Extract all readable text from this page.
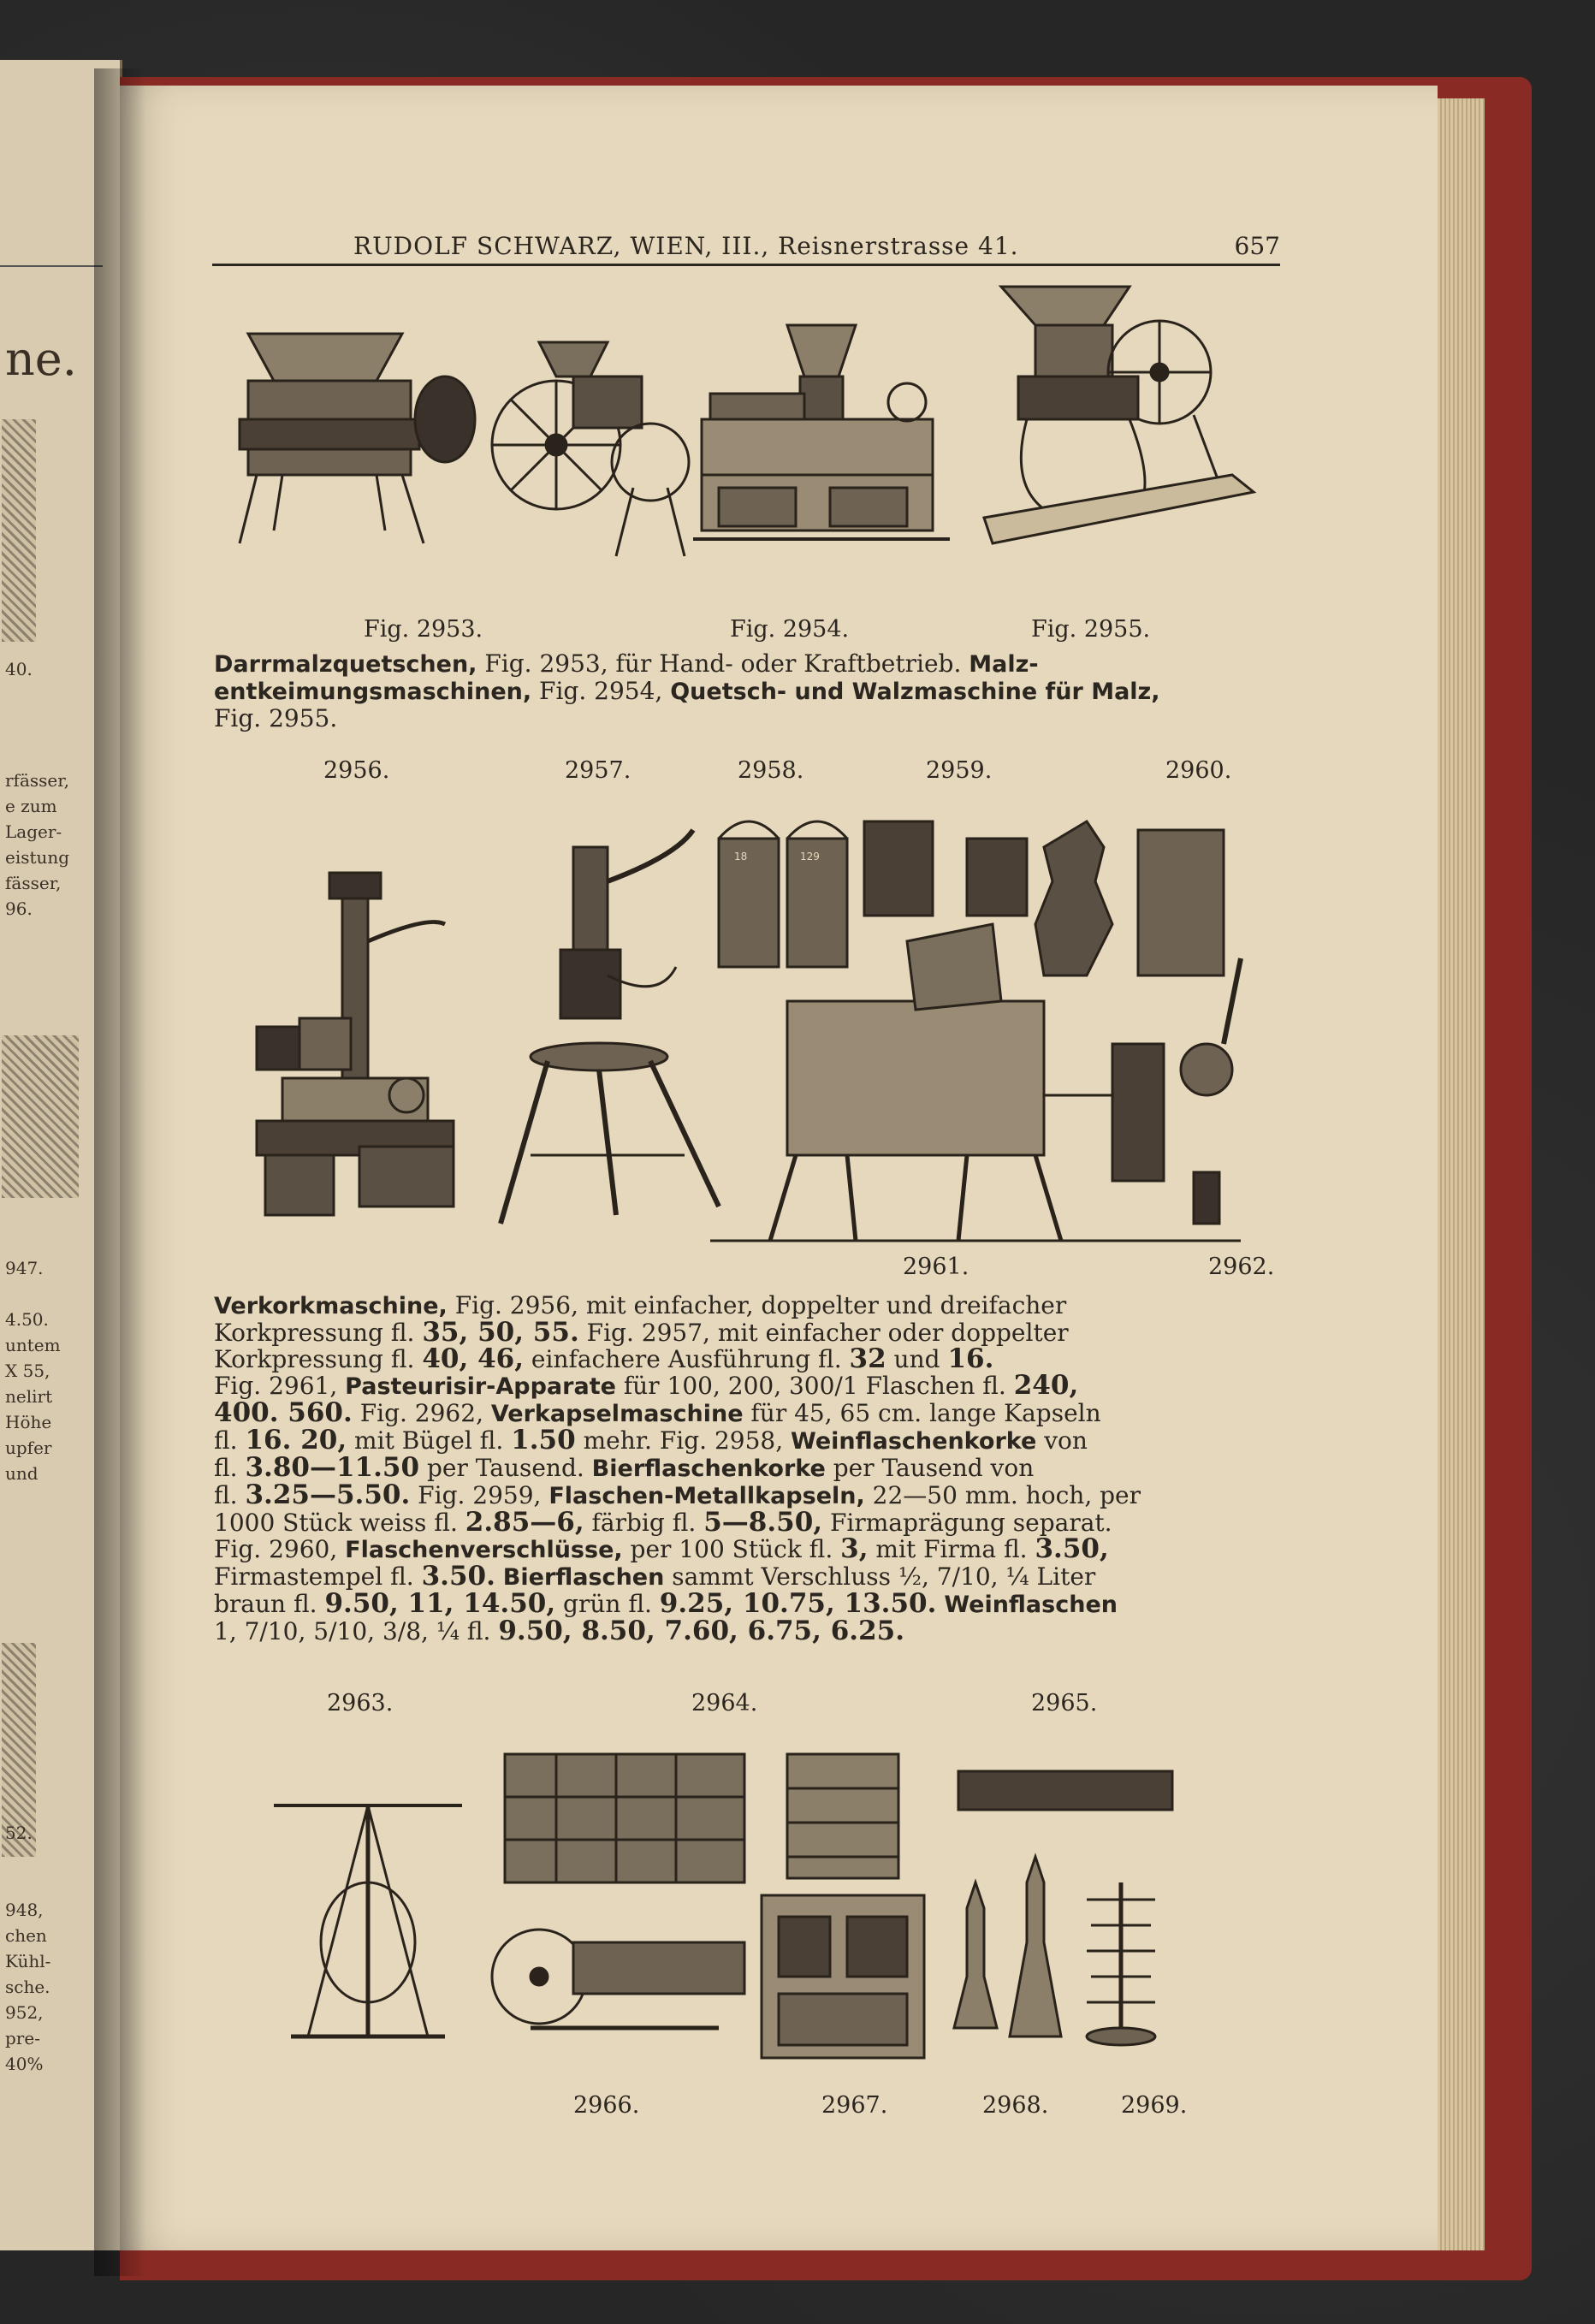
ne.
40.
rfässer,
e zum
Lager-
eistung
fässer,
96.
947.
4.50.
untem
X 55,
nelirt
Höhe
upfer
und
52.
948,
chen
Kühl-
sche.
952,
pre-
40%
RUDOLF SCHWARZ, WIEN, III., Reisnerstrasse 41.	657
Fig. 2953.	Fig. 2954.	Fig. 2955.
Darrmalzquetschen, Fig. 2953, für Hand- oder Kraftbetrieb. Malz-
entkeimungsmaschinen, Fig. 2954, Quetsch- und Walzmaschine für Malz,
Fig. 2955.
2956.	2957.	2958.	2959.	2960.
18	129
2961.	2962.
Verkorkmaschine, Fig. 2956, mit einfacher, doppelter und dreifacher
Korkpressung fl. 35, 50, 55. Fig. 2957, mit einfacher oder doppelter
Korkpressung fl. 40, 46, einfachere Ausführung fl. 32 und 16.
Fig. 2961, Pasteurisir-Apparate für 100, 200, 300/1 Flaschen fl. 240,
400. 560. Fig. 2962, Verkapselmaschine für 45, 65 cm. lange Kapseln
fl. 16. 20, mit Bügel fl. 1.50 mehr. Fig. 2958, Weinflaschenkorke von
fl. 3.80—11.50 per Tausend. Bierflaschenkorke per Tausend von
fl. 3.25—5.50. Fig. 2959, Flaschen-Metallkapseln, 22—50 mm. hoch, per
1000 Stück weiss fl. 2.85—6, färbig fl. 5—8.50, Firmaprägung separat.
Fig. 2960, Flaschenverschlüsse, per 100 Stück fl. 3, mit Firma fl. 3.50,
Firmastempel fl. 3.50. Bierflaschen sammt Verschluss ½, 7/10, ¼ Liter
braun fl. 9.50, 11, 14.50, grün fl. 9.25, 10.75, 13.50. Weinflaschen
1, 7/10, 5/10, 3/8, ¼ fl. 9.50, 8.50, 7.60, 6.75, 6.25.
2963.	2964.	2965.
2966.	2967.	2968.	2969.
